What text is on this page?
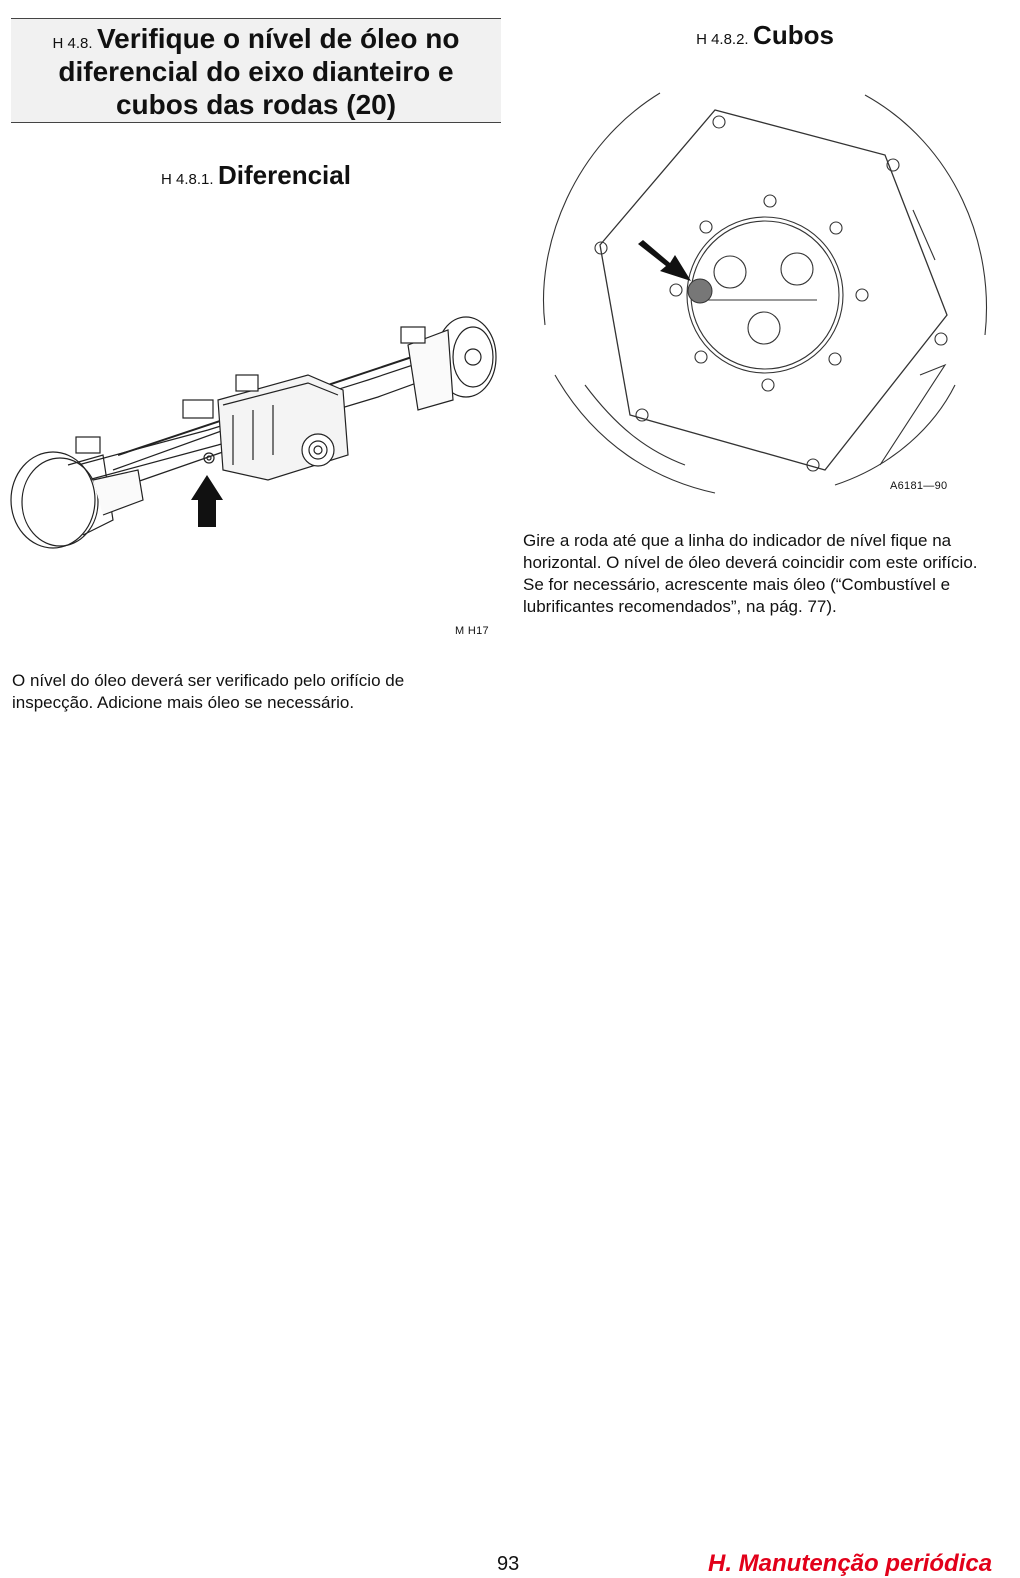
H 4.8. Verifique o nível de óleo no
diferencial do eixo dianteiro e
cubos das rodas (20)
H 4.8.1. Diferencial
M H17
O nível do óleo deverá ser verificado pelo orifício de inspecção. Adicione mais óleo se necessário.
H 4.8.2. Cubos
A6181—90
Gire a roda até que a linha do indicador de nível fique na horizontal. O nível de óleo deverá coincidir com este orifício. Se for necessário, acrescente mais óleo (“Combustível e lubrificantes recomendados”, na pág. 77).
93	H. Manutenção periódica
